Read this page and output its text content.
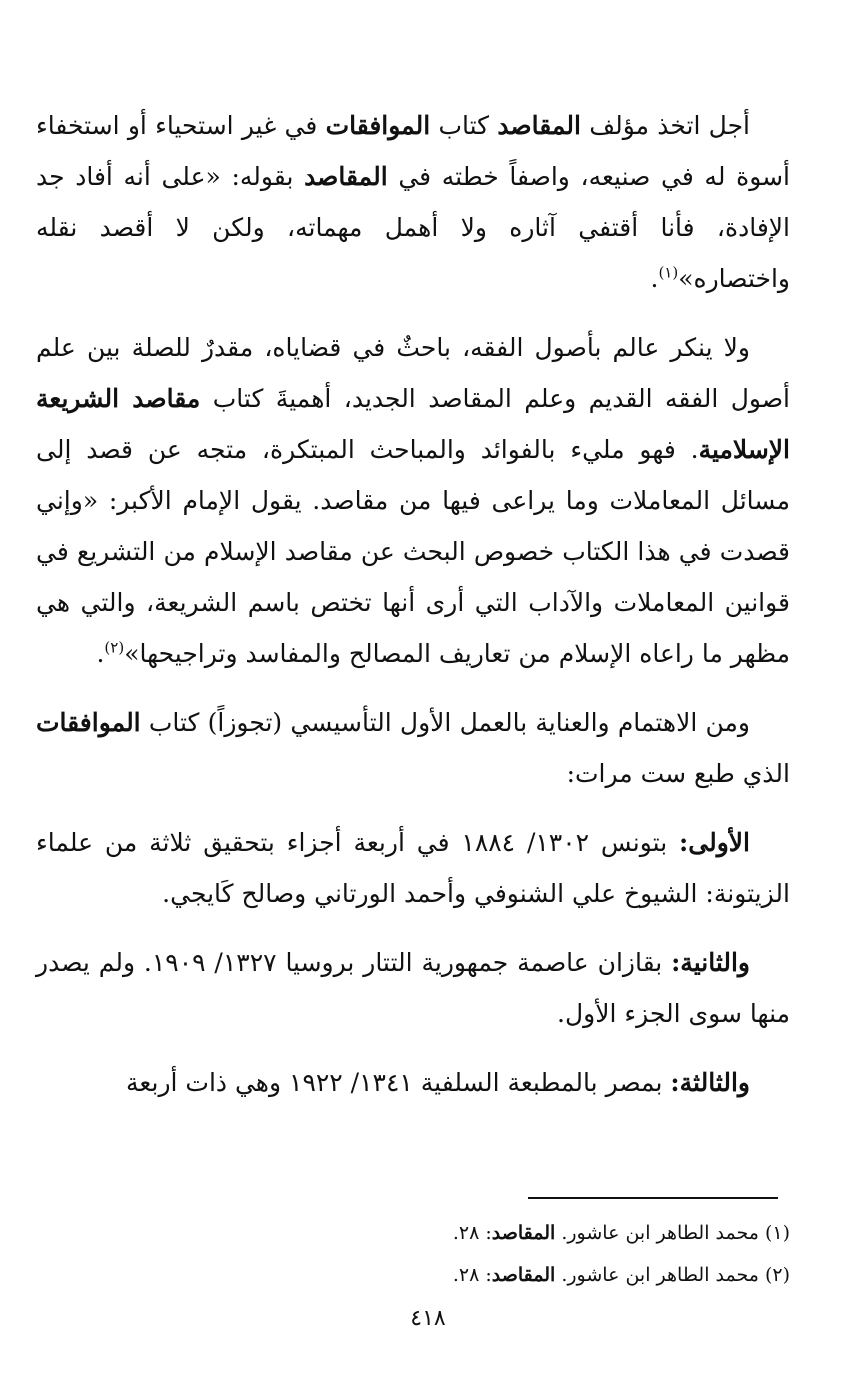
أجل اتخذ مؤلف المقاصد كتاب الموافقات في غير استحياء أو استخفاء أسوة له في صنيعه، واصفاً خطته في المقاصد بقوله: «على أنه أفاد جد الإفادة، فأنا أقتفي آثاره ولا أهمل مهماته، ولكن لا أقصد نقله واختصاره»$^{(١)}$.

ولا ينكر عالم بأصول الفقه، باحثٌ في قضاياه، مقدرٌ للصلة بين علم أصول الفقه القديم وعلم المقاصد الجديد، أهميةَ كتاب مقاصد الشريعة الإسلامية. فهو مليء بالفوائد والمباحث المبتكرة، متجه عن قصد إلى مسائل المعاملات وما يراعى فيها من مقاصد. يقول الإمام الأكبر: «وإني قصدت في هذا الكتاب خصوص البحث عن مقاصد الإسلام من التشريع في قوانين المعاملات والآداب التي أرى أنها تختص باسم الشريعة، والتي هي مظهر ما راعاه الإسلام من تعاريف المصالح والمفاسد وتراجيحها»$^{(٢)}$.

ومن الاهتمام والعناية بالعمل الأول التأسيسي (تجوزاً) كتاب الموافقات الذي طبع ست مرات:

الأولى: بتونس ١٣٠٢/ ١٨٨٤ في أربعة أجزاء بتحقيق ثلاثة من علماء الزيتونة: الشيوخ علي الشنوفي وأحمد الورتاني وصالح كَايجي.

والثانية: بقازان عاصمة جمهورية التتار بروسيا ١٣٢٧/ ١٩٠٩. ولم يصدر منها سوى الجزء الأول.

والثالثة: بمصر بالمطبعة السلفية ١٣٤١/ ١٩٢٢ وهي ذات أربعة

(١) محمد الطاهر ابن عاشور. المقاصد: ٢٨.

(٢) محمد الطاهر ابن عاشور. المقاصد: ٢٨.

٤١٨
